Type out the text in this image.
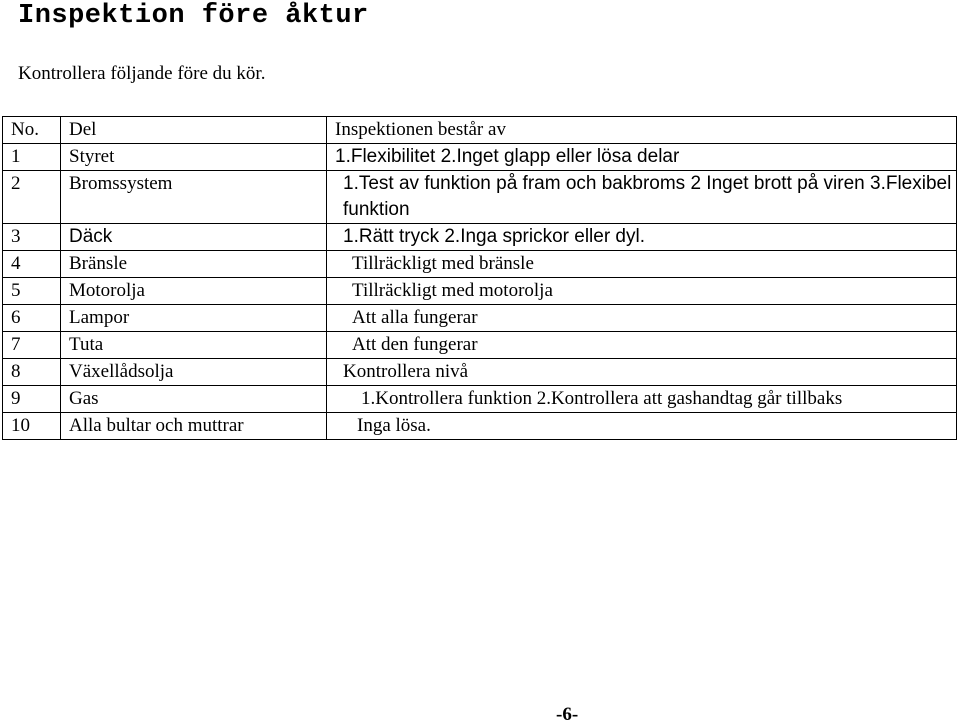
Inspektion före åktur
Kontrollera följande före du kör.
No.	Del	Inspektionen består av
1	Styret	1.Flexibilitet 2.Inget glapp eller lösa delar
2	Bromssystem	1.Test av funktion på fram och bakbroms 2 Inget brott på viren 3.Flexibel funktion
3	Däck	1.Rätt tryck 2.Inga sprickor eller dyl.
4	Bränsle	Tillräckligt med bränsle
5	Motorolja	Tillräckligt med motorolja
6	Lampor	Att alla fungerar
7	Tuta	Att den fungerar
8	Växellådsolja	Kontrollera nivå
9	Gas	1.Kontrollera funktion 2.Kontrollera att gashandtag går tillbaks
10	Alla bultar och muttrar	Inga lösa.
-6-
